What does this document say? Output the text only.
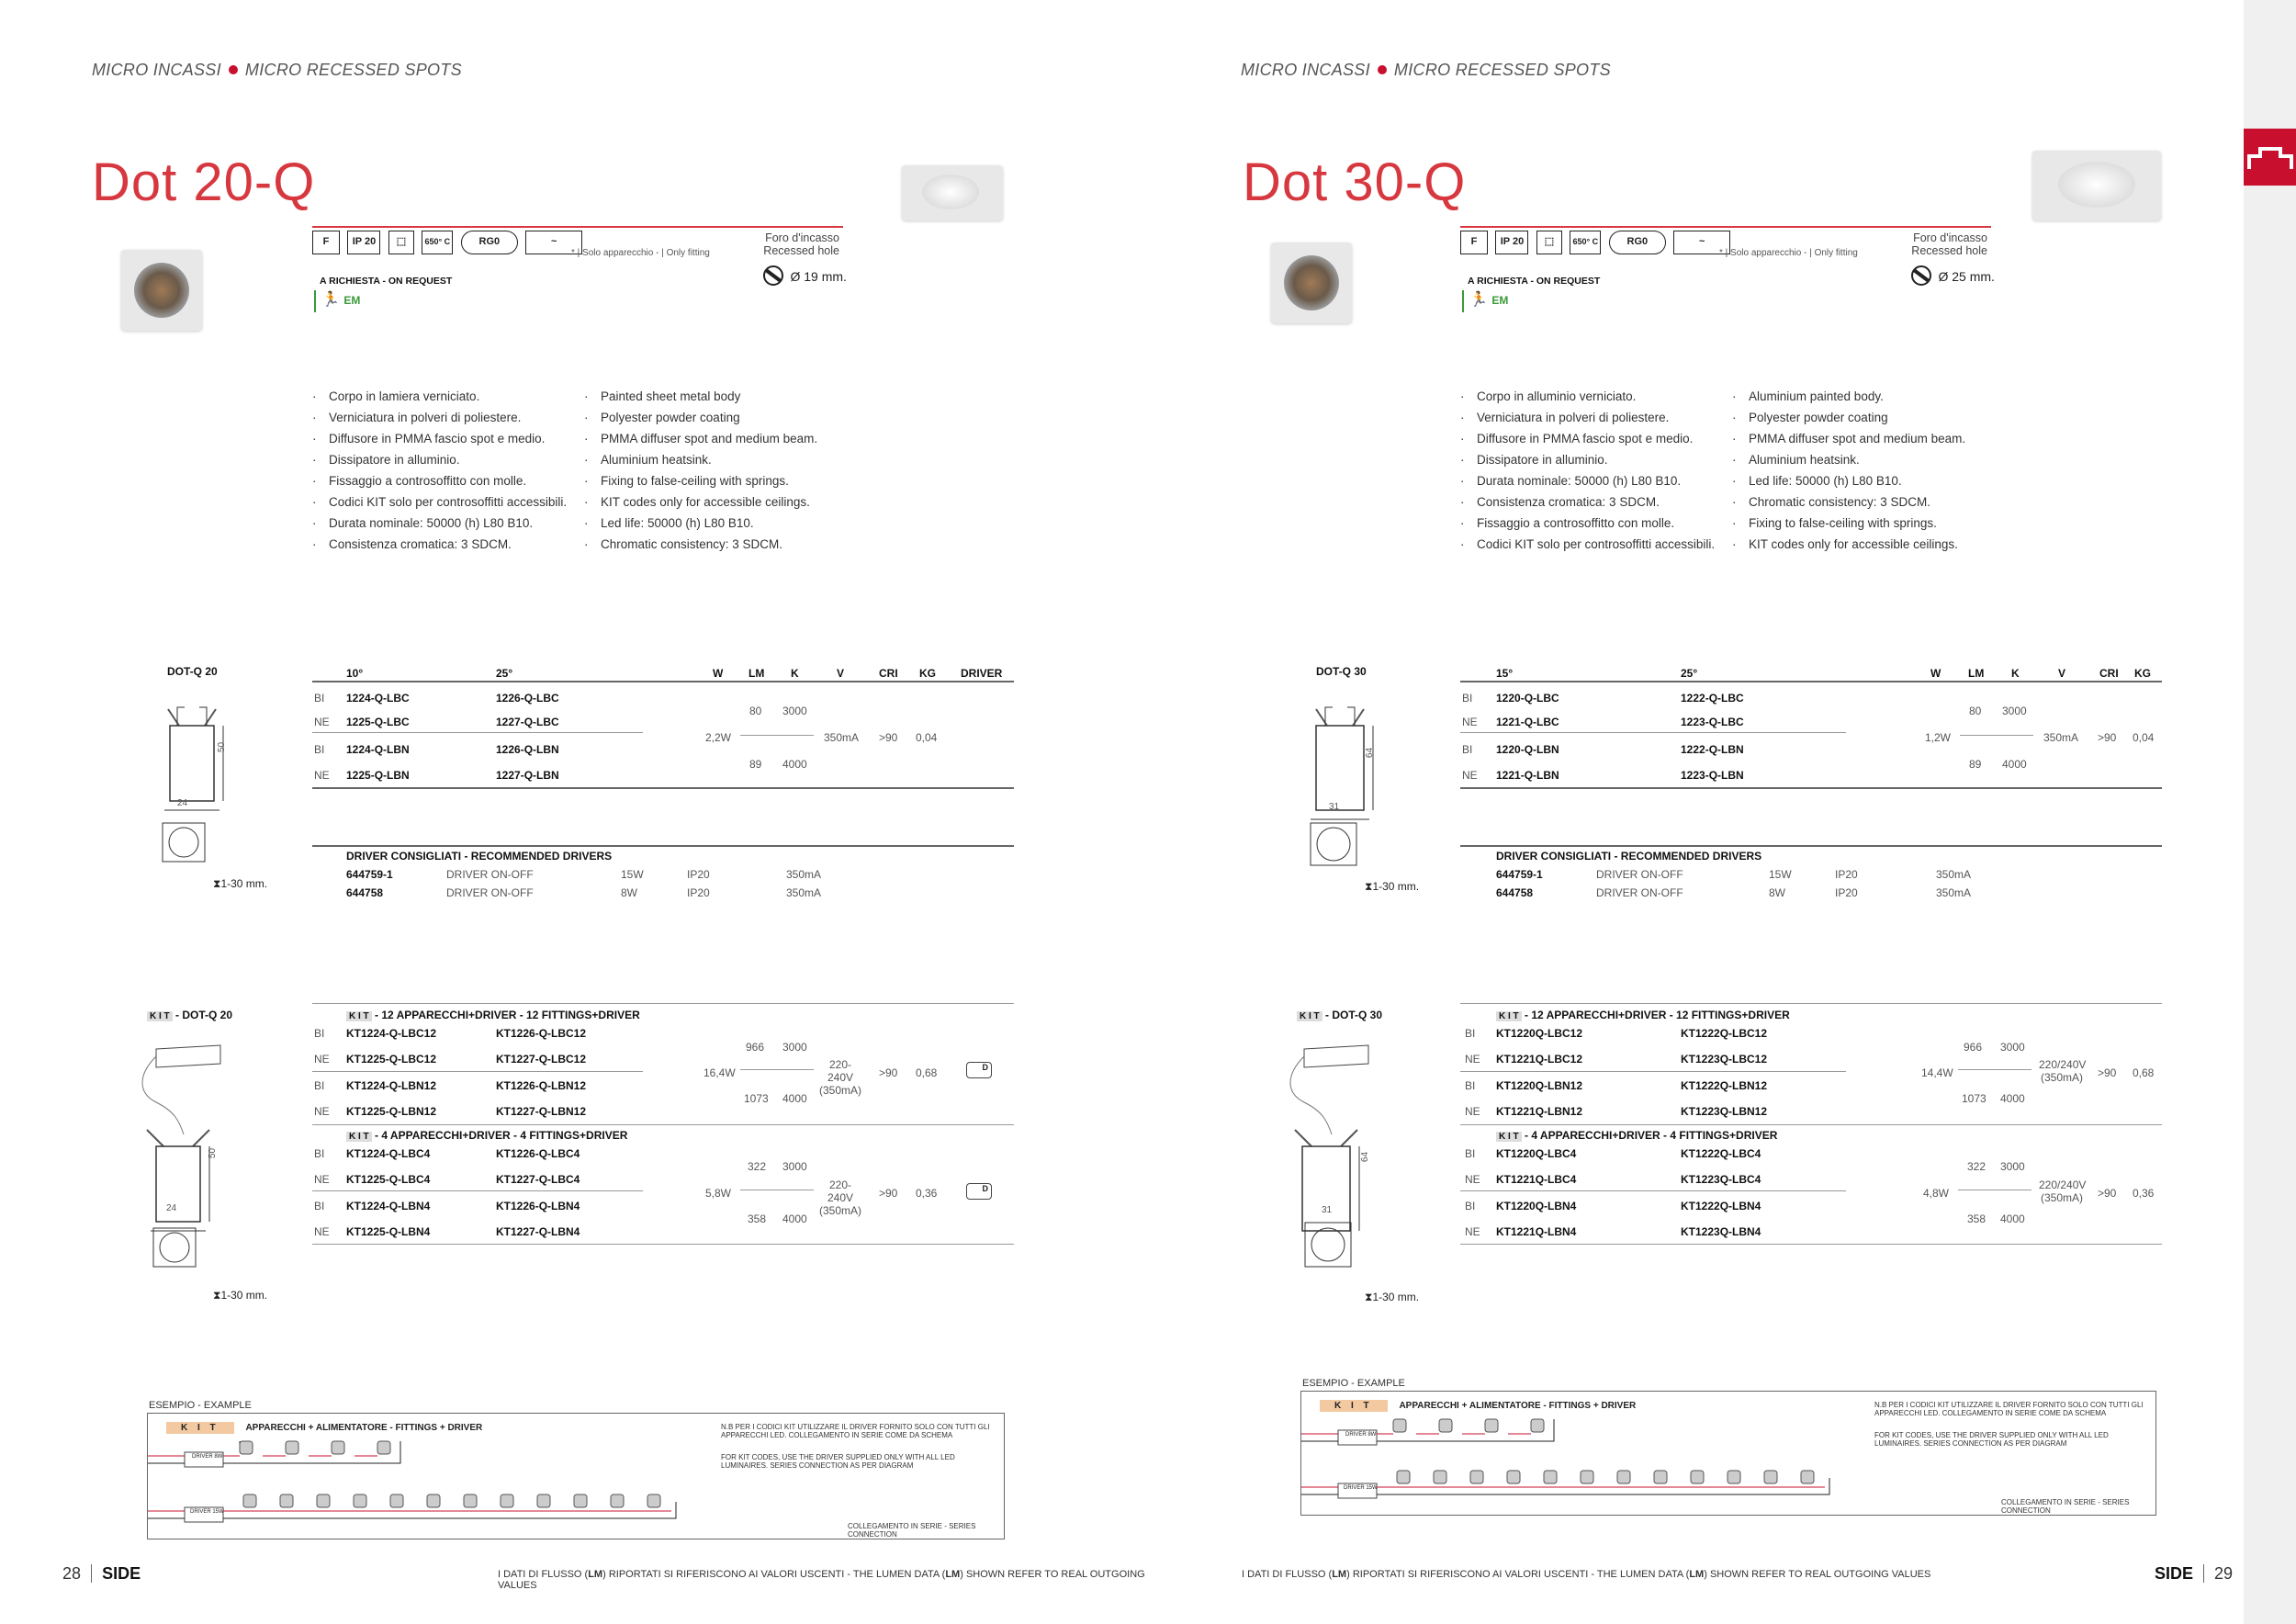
MICRO INCASSI MICRO RECESSED SPOTS
Dot 20-Q
F IP 20 ⬚ 650° C	RG0	~
* | Solo apparecchio - | Only fitting
Foro d'incasso
Recessed hole
Ø 19 mm.
A RICHIESTA - ON REQUEST
🏃 EM
· Corpo in lamiera verniciato.
· Verniciatura in polveri di poliestere.
· Diffusore in PMMA fascio spot e medio.
· Dissipatore in alluminio.
· Fissaggio a controsoffitto con molle.
· Codici KIT solo per controsoffitti accessibili.
· Durata nominale: 50000 (h) L80 B10.
· Consistenza cromatica: 3 SDCM.
· Painted sheet metal body
· Polyester powder coating
· PMMA diffuser spot and medium beam.
· Aluminium heatsink.
· Fixing to false-ceiling with springs.
· KIT codes only for accessible ceilings.
· Led life: 50000 (h) L80 B10.
· Chromatic consistency: 3 SDCM.
DOT-Q 20
50
24
⧗1-30 mm.
10°	25°	W LM K	V	CRI KG DRIVER
BI 1224-Q-LBC	1226-Q-LBC
NE 1225-Q-LBC	1227-Q-LBC
BI 1224-Q-LBN	1226-Q-LBN
NE 1225-Q-LBN	1227-Q-LBN
2,2W
80 3000
89 4000
350mA >90 0,04
DRIVER CONSIGLIATI - RECOMMENDED DRIVERS
644759-1	DRIVER ON-OFF	15W	IP20	350mA
644758	DRIVER ON-OFF	8W	IP20	350mA
K I T - DOT-Q 20
50
24
⧗1-30 mm.
K I T - 12 APPARECCHI+DRIVER - 12 FITTINGS+DRIVER
BI KT1224-Q-LBC12	KT1226-Q-LBC12
NE KT1225-Q-LBC12	KT1227-Q-LBC12
BI KT1224-Q-LBN12	KT1226-Q-LBN12
NE KT1225-Q-LBN12	KT1227-Q-LBN12
16,4W
966 3000
1073 4000
220-240V
(350mA)
>90 0,68	D
K I T - 4 APPARECCHI+DRIVER - 4 FITTINGS+DRIVER
BI KT1224-Q-LBC4	KT1226-Q-LBC4
NE KT1225-Q-LBC4	KT1227-Q-LBC4
BI KT1224-Q-LBN4	KT1226-Q-LBN4
NE KT1225-Q-LBN4	KT1227-Q-LBN4
5,8W
322 3000
358 4000
220-240V
(350mA)
>90 0,36	D
ESEMPIO - EXAMPLE
K I T	APPARECCHI + ALIMENTATORE - FITTINGS + DRIVER	N.B PER I CODICI KIT UTILIZZARE IL DRIVER FORNITO SOLO CON TUTTI GLI APPARECCHI LED. COLLEGAMENTO IN SERIE COME DA SCHEMA
FOR KIT CODES, USE THE DRIVER SUPPLIED ONLY WITH ALL LED LUMINAIRES. SERIES CONNECTION AS PER DIAGRAM
COLLEGAMENTO IN SERIE - SERIES CONNECTION
DRIVER 8W
DRIVER 15W
28 SIDE	I DATI DI FLUSSO (LM) RIPORTATI SI RIFERISCONO AI VALORI USCENTI - THE LUMEN DATA (LM) SHOWN REFER TO REAL OUTGOING VALUES
MICRO INCASSI MICRO RECESSED SPOTS
Dot 30-Q
F IP 20 ⬚ 650° C	RG0	~
* | Solo apparecchio - | Only fitting
Foro d'incasso
Recessed hole
Ø 25 mm.
A RICHIESTA - ON REQUEST
🏃 EM
· Corpo in alluminio verniciato.
· Verniciatura in polveri di poliestere.
· Diffusore in PMMA fascio spot e medio.
· Dissipatore in alluminio.
· Durata nominale: 50000 (h) L80 B10.
· Consistenza cromatica: 3 SDCM.
· Fissaggio a controsoffitto con molle.
· Codici KIT solo per controsoffitti accessibili.
· Aluminium painted body.
· Polyester powder coating
· PMMA diffuser spot and medium beam.
· Aluminium heatsink.
· Led life: 50000 (h) L80 B10.
· Chromatic consistency: 3 SDCM.
· Fixing to false-ceiling with springs.
· KIT codes only for accessible ceilings.
DOT-Q 30
64
31
⧗1-30 mm.
15°	25°	W LM K	V	CRI KG
BI 1220-Q-LBC	1222-Q-LBC
NE 1221-Q-LBC	1223-Q-LBC
BI 1220-Q-LBN	1222-Q-LBN
NE 1221-Q-LBN	1223-Q-LBN
1,2W
80 3000
89 4000
350mA >90 0,04
DRIVER CONSIGLIATI - RECOMMENDED DRIVERS
644759-1	DRIVER ON-OFF	15W	IP20	350mA
644758	DRIVER ON-OFF	8W	IP20	350mA
K I T - DOT-Q 30
64
31
⧗1-30 mm.
K I T - 12 APPARECCHI+DRIVER - 12 FITTINGS+DRIVER
BI KT1220Q-LBC12	KT1222Q-LBC12
NE KT1221Q-LBC12	KT1223Q-LBC12
BI KT1220Q-LBN12	KT1222Q-LBN12
NE KT1221Q-LBN12	KT1223Q-LBN12
14,4W
966 3000
1073 4000
220/240V
(350mA) >90 0,68
K I T - 4 APPARECCHI+DRIVER - 4 FITTINGS+DRIVER
BI KT1220Q-LBC4	KT1222Q-LBC4
NE KT1221Q-LBC4	KT1223Q-LBC4
BI KT1220Q-LBN4	KT1222Q-LBN4
NE KT1221Q-LBN4	KT1223Q-LBN4
4,8W
322 3000
358 4000
220/240V
(350mA) >90 0,36
ESEMPIO - EXAMPLE
K I T	APPARECCHI + ALIMENTATORE - FITTINGS + DRIVER	N.B PER I CODICI KIT UTILIZZARE IL DRIVER FORNITO SOLO CON TUTTI GLI APPARECCHI LED. COLLEGAMENTO IN SERIE COME DA SCHEMA
FOR KIT CODES, USE THE DRIVER SUPPLIED ONLY WITH ALL LED LUMINAIRES. SERIES CONNECTION AS PER DIAGRAM
COLLEGAMENTO IN SERIE - SERIES CONNECTION
DRIVER 8W
DRIVER 15W
I DATI DI FLUSSO (LM) RIPORTATI SI RIFERISCONO AI VALORI USCENTI - THE LUMEN DATA (LM) SHOWN REFER TO REAL OUTGOING VALUES	SIDE 29
